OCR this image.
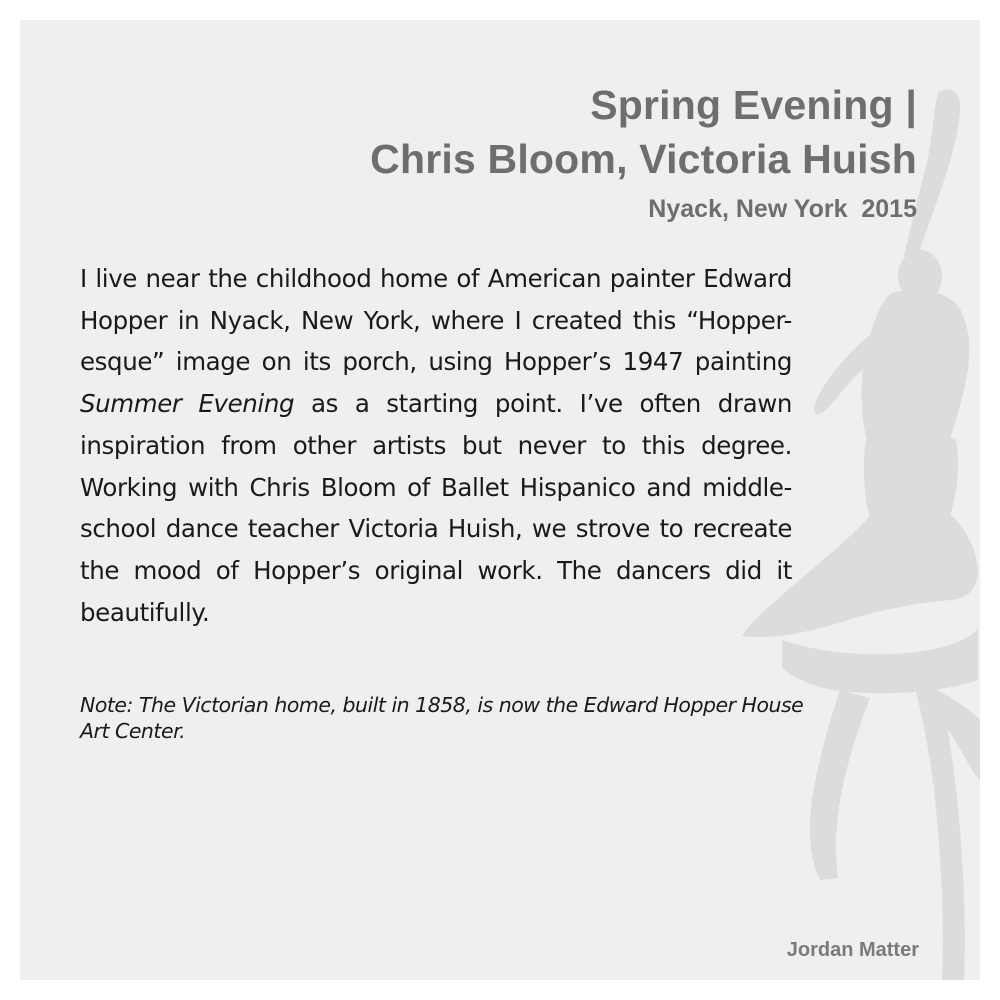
Spring Evening |
Chris Bloom, Victoria Huish
Nyack, New York  2015

I live near the childhood home of American painter Edward Hopper in Nyack, New York, where I created this “Hopper-esque” image on its porch, using Hopper’s 1947 painting Summer Evening as a starting point. I’ve often drawn inspiration from other artists but never to this degree. Working with Chris Bloom of Ballet Hispanico and middle-school dance teacher Victoria Huish, we strove to recreate the mood of Hopper’s original work. The dancers did it beautifully.

Note: The Victorian home, built in 1858, is now the Edward Hopper House Art Center.

Jordan Matter
